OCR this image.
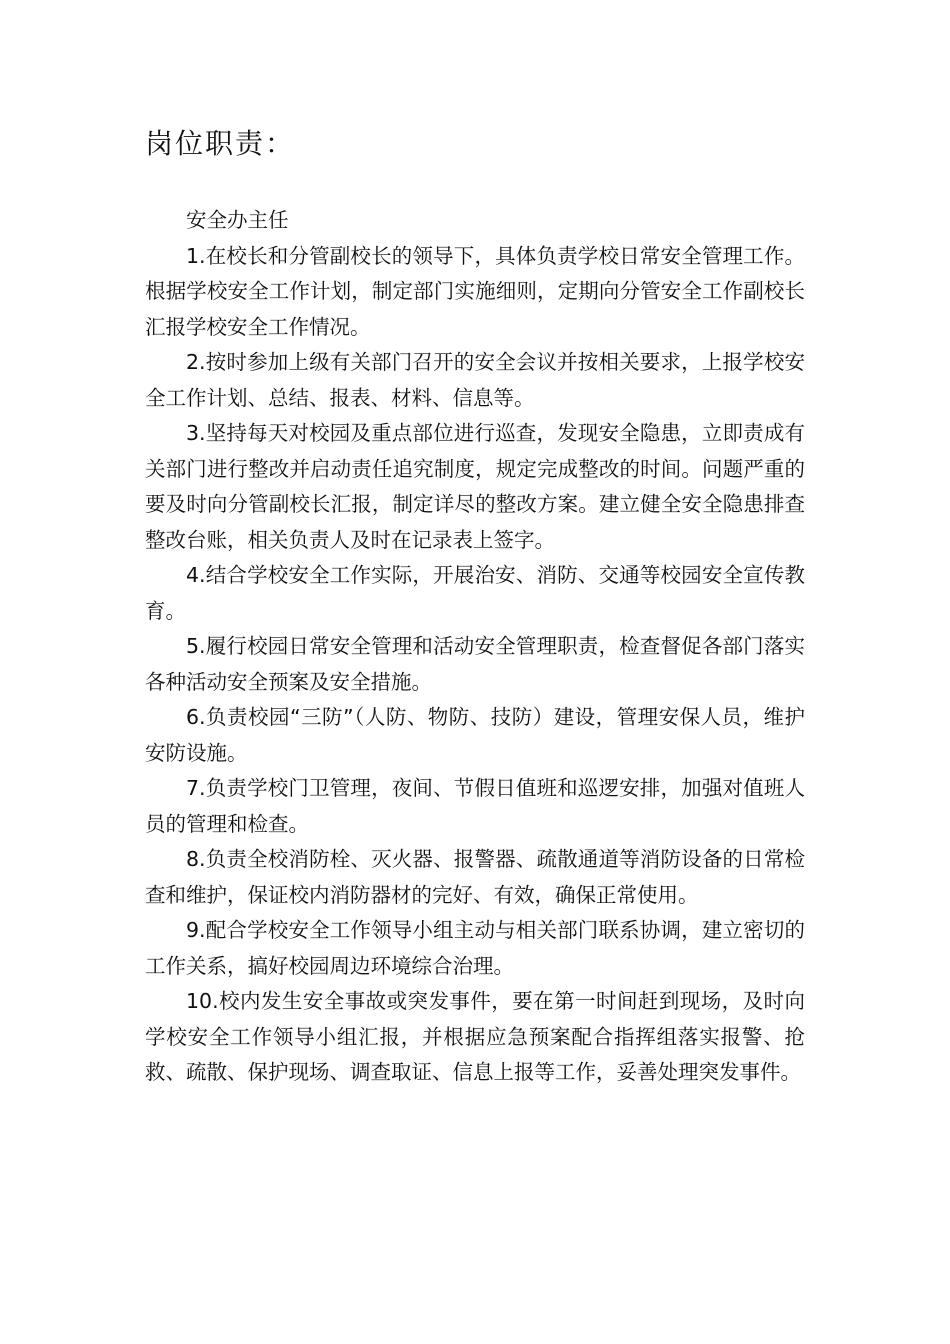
岗位职责：

安全办主任

1.在校长和分管副校长的领导下，具体负责学校日常安全管理工作。根据学校安全工作计划，制定部门实施细则，定期向分管安全工作副校长汇报学校安全工作情况。

2.按时参加上级有关部门召开的安全会议并按相关要求，上报学校安全工作计划、总结、报表、材料、信息等。

3.坚持每天对校园及重点部位进行巡查，发现安全隐患，立即责成有关部门进行整改并启动责任追究制度，规定完成整改的时间。问题严重的要及时向分管副校长汇报，制定详尽的整改方案。建立健全安全隐患排查整改台账，相关负责人及时在记录表上签字。

4.结合学校安全工作实际，开展治安、消防、交通等校园安全宣传教育。

5.履行校园日常安全管理和活动安全管理职责，检查督促各部门落实各种活动安全预案及安全措施。

6.负责校园“三防”（人防、物防、技防）建设，管理安保人员，维护安防设施。

7.负责学校门卫管理，夜间、节假日值班和巡逻安排，加强对值班人员的管理和检查。

8.负责全校消防栓、灭火器、报警器、疏散通道等消防设备的日常检查和维护，保证校内消防器材的完好、有效，确保正常使用。

9.配合学校安全工作领导小组主动与相关部门联系协调，建立密切的工作关系，搞好校园周边环境综合治理。

10.校内发生安全事故或突发事件，要在第一时间赶到现场，及时向学校安全工作领导小组汇报，并根据应急预案配合指挥组落实报警、抢救、疏散、保护现场、调查取证、信息上报等工作，妥善处理突发事件。
